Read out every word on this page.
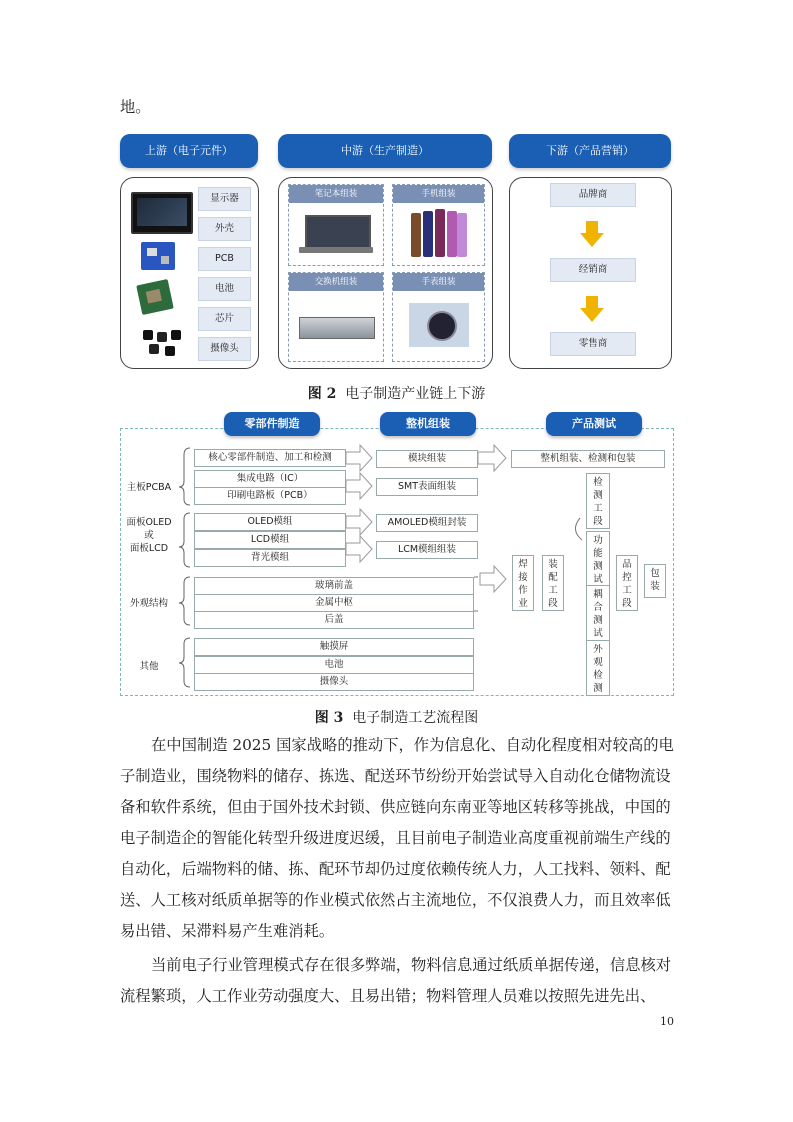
地。
上游（电子元件）	中游（生产制造）	下游（产品营销）
显示器
外壳
PCB
电池
芯片
摄像头
笔记本组装	手机组装
交换机组装	手表组装
品牌商
经销商
零售商
图 2 电子制造产业链上下游
零部件制造	整机组装	产品测试
主板PCBA
面板OLED
或
面板LCD
外观结构
其他
核心零部件制造、加工和检测
集成电路（IC）
印刷电路板（PCB）
OLED模组
LCD模组
背光模组
玻璃前盖
金属中枢
后盖
触摸屏
电池
摄像头
模块组装
SMT表面组装
AMOLED模组封装
LCM模组组装
焊接作业
装配工段
整机组装、检测和包装
检测工段
功能测试
耦合测试
外观检测
品控工段
包装
图 3 电子制造工艺流程图

在中国制造 2025 国家战略的推动下，作为信息化、自动化程度相对较高的电子制造业，围绕物料的储存、拣选、配送环节纷纷开始尝试导入自动化仓储物流设备和软件系统，但由于国外技术封锁、供应链向东南亚等地区转移等挑战，中国的电子制造企的智能化转型升级进度迟缓，且目前电子制造业高度重视前端生产线的自动化，后端物料的储、拣、配环节却仍过度依赖传统人力，人工找料、领料、配送、人工核对纸质单据等的作业模式依然占主流地位，不仅浪费人力，而且效率低易出错、呆滞料易产生难消耗。

当前电子行业管理模式存在很多弊端，物料信息通过纸质单据传递，信息核对流程繁琐，人工作业劳动强度大、且易出错；物料管理人员难以按照先进先出、

10
